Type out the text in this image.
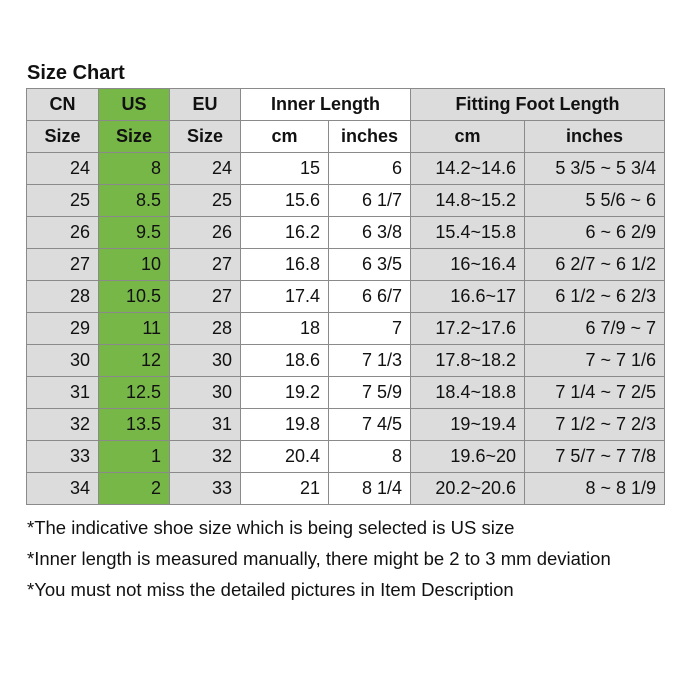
Size Chart
CN	US	EU	Inner Length		Fitting Foot Length	
Size	Size	Size	cm	inches	cm	inches
24	8	24	15	6	14.2~14.6	5 3/5 ~ 5 3/4
25	8.5	25	15.6	6 1/7	14.8~15.2	5 5/6 ~ 6
26	9.5	26	16.2	6 3/8	15.4~15.8	6 ~ 6 2/9
27	10	27	16.8	6 3/5	16~16.4	6 2/7 ~ 6 1/2
28	10.5	27	17.4	6 6/7	16.6~17	6 1/2 ~ 6 2/3
29	11	28	18	7	17.2~17.6	6 7/9 ~ 7
30	12	30	18.6	7 1/3	17.8~18.2	7 ~ 7 1/6
31	12.5	30	19.2	7 5/9	18.4~18.8	7 1/4 ~ 7 2/5
32	13.5	31	19.8	7 4/5	19~19.4	7 1/2 ~ 7 2/3
33	1	32	20.4	8	19.6~20	7 5/7 ~ 7 7/8
34	2	33	21	8 1/4	20.2~20.6	8 ~ 8 1/9
*The indicative shoe size which is being selected is US size
*Inner length is measured manually, there might be 2 to 3 mm deviation
*You must not miss the detailed pictures in Item Description
